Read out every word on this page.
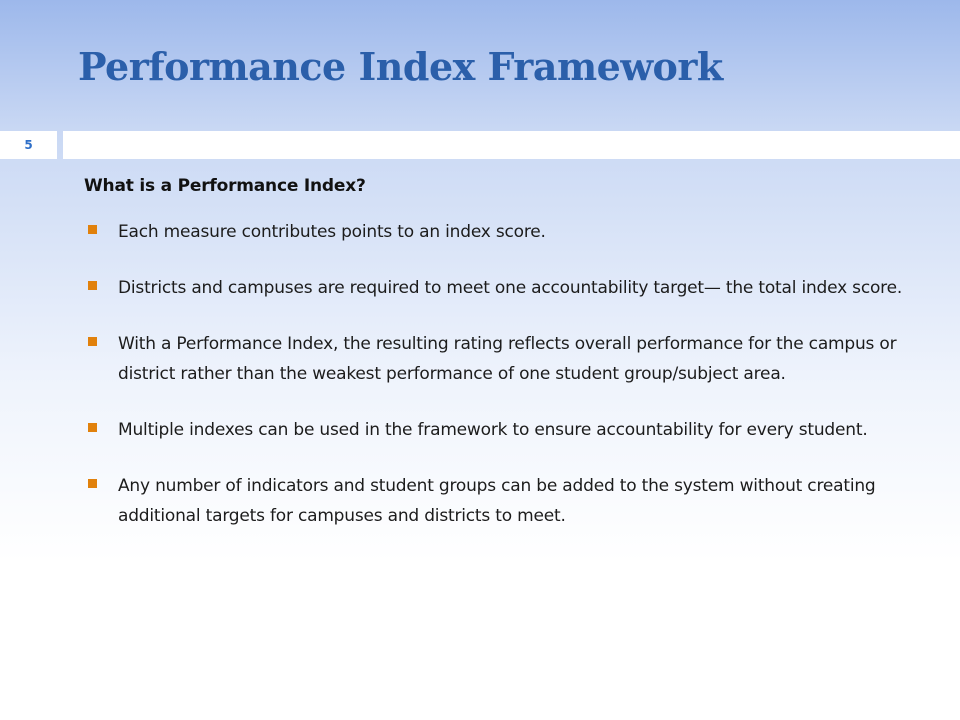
Performance Index Framework
5

What is a Performance Index?

Each measure contributes points to an index score.
Districts and campuses are required to meet one accountability target— the total index score.
With a Performance Index, the resulting rating reflects overall performance for the campus or district rather than the weakest performance of one student group/subject area.
Multiple indexes can be used in the framework to ensure accountability for every student.
Any number of indicators and student groups can be added to the system without creating additional targets for campuses and districts to meet.
